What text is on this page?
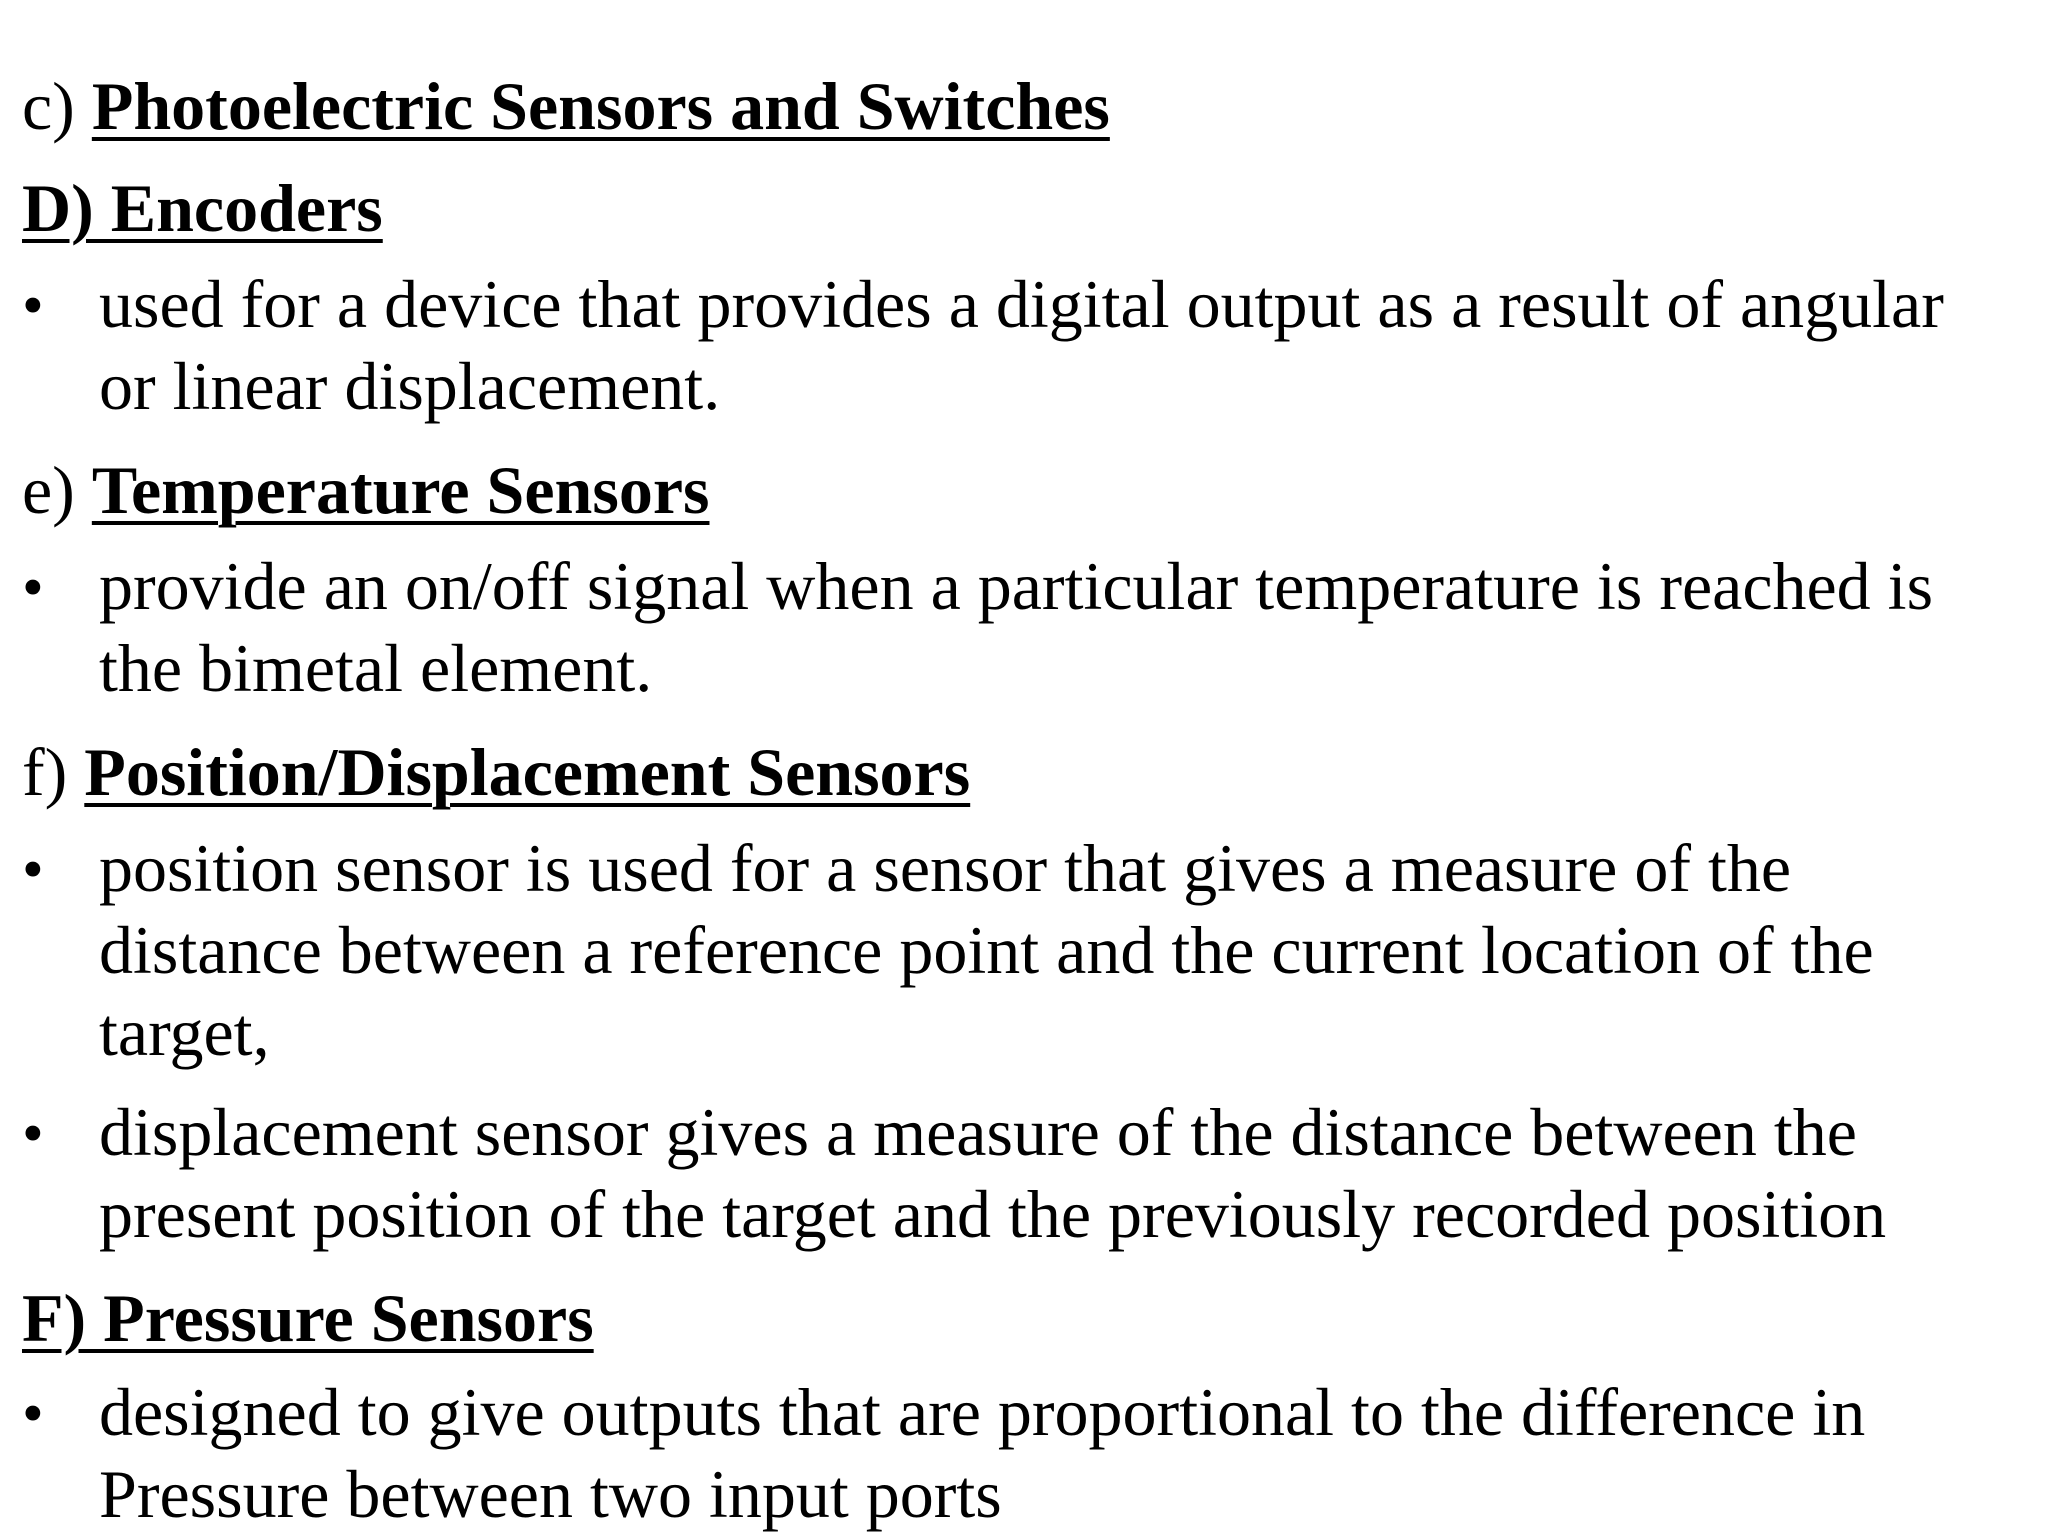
c) Photoelectric Sensors and Switches
D) Encoders
• used for a device that provides a digital output as a result of angular
or linear displacement.
e) Temperature Sensors
• provide an on/off signal when a particular temperature is reached is
the bimetal element.
f) Position/Displacement Sensors
• position sensor is used for a sensor that gives a measure of the
distance between a reference point and the current location of the
target,
• displacement sensor gives a measure of the distance between the
present position of the target and the previously recorded position
F) Pressure Sensors
• designed to give outputs that are proportional to the difference in
Pressure between two input ports
